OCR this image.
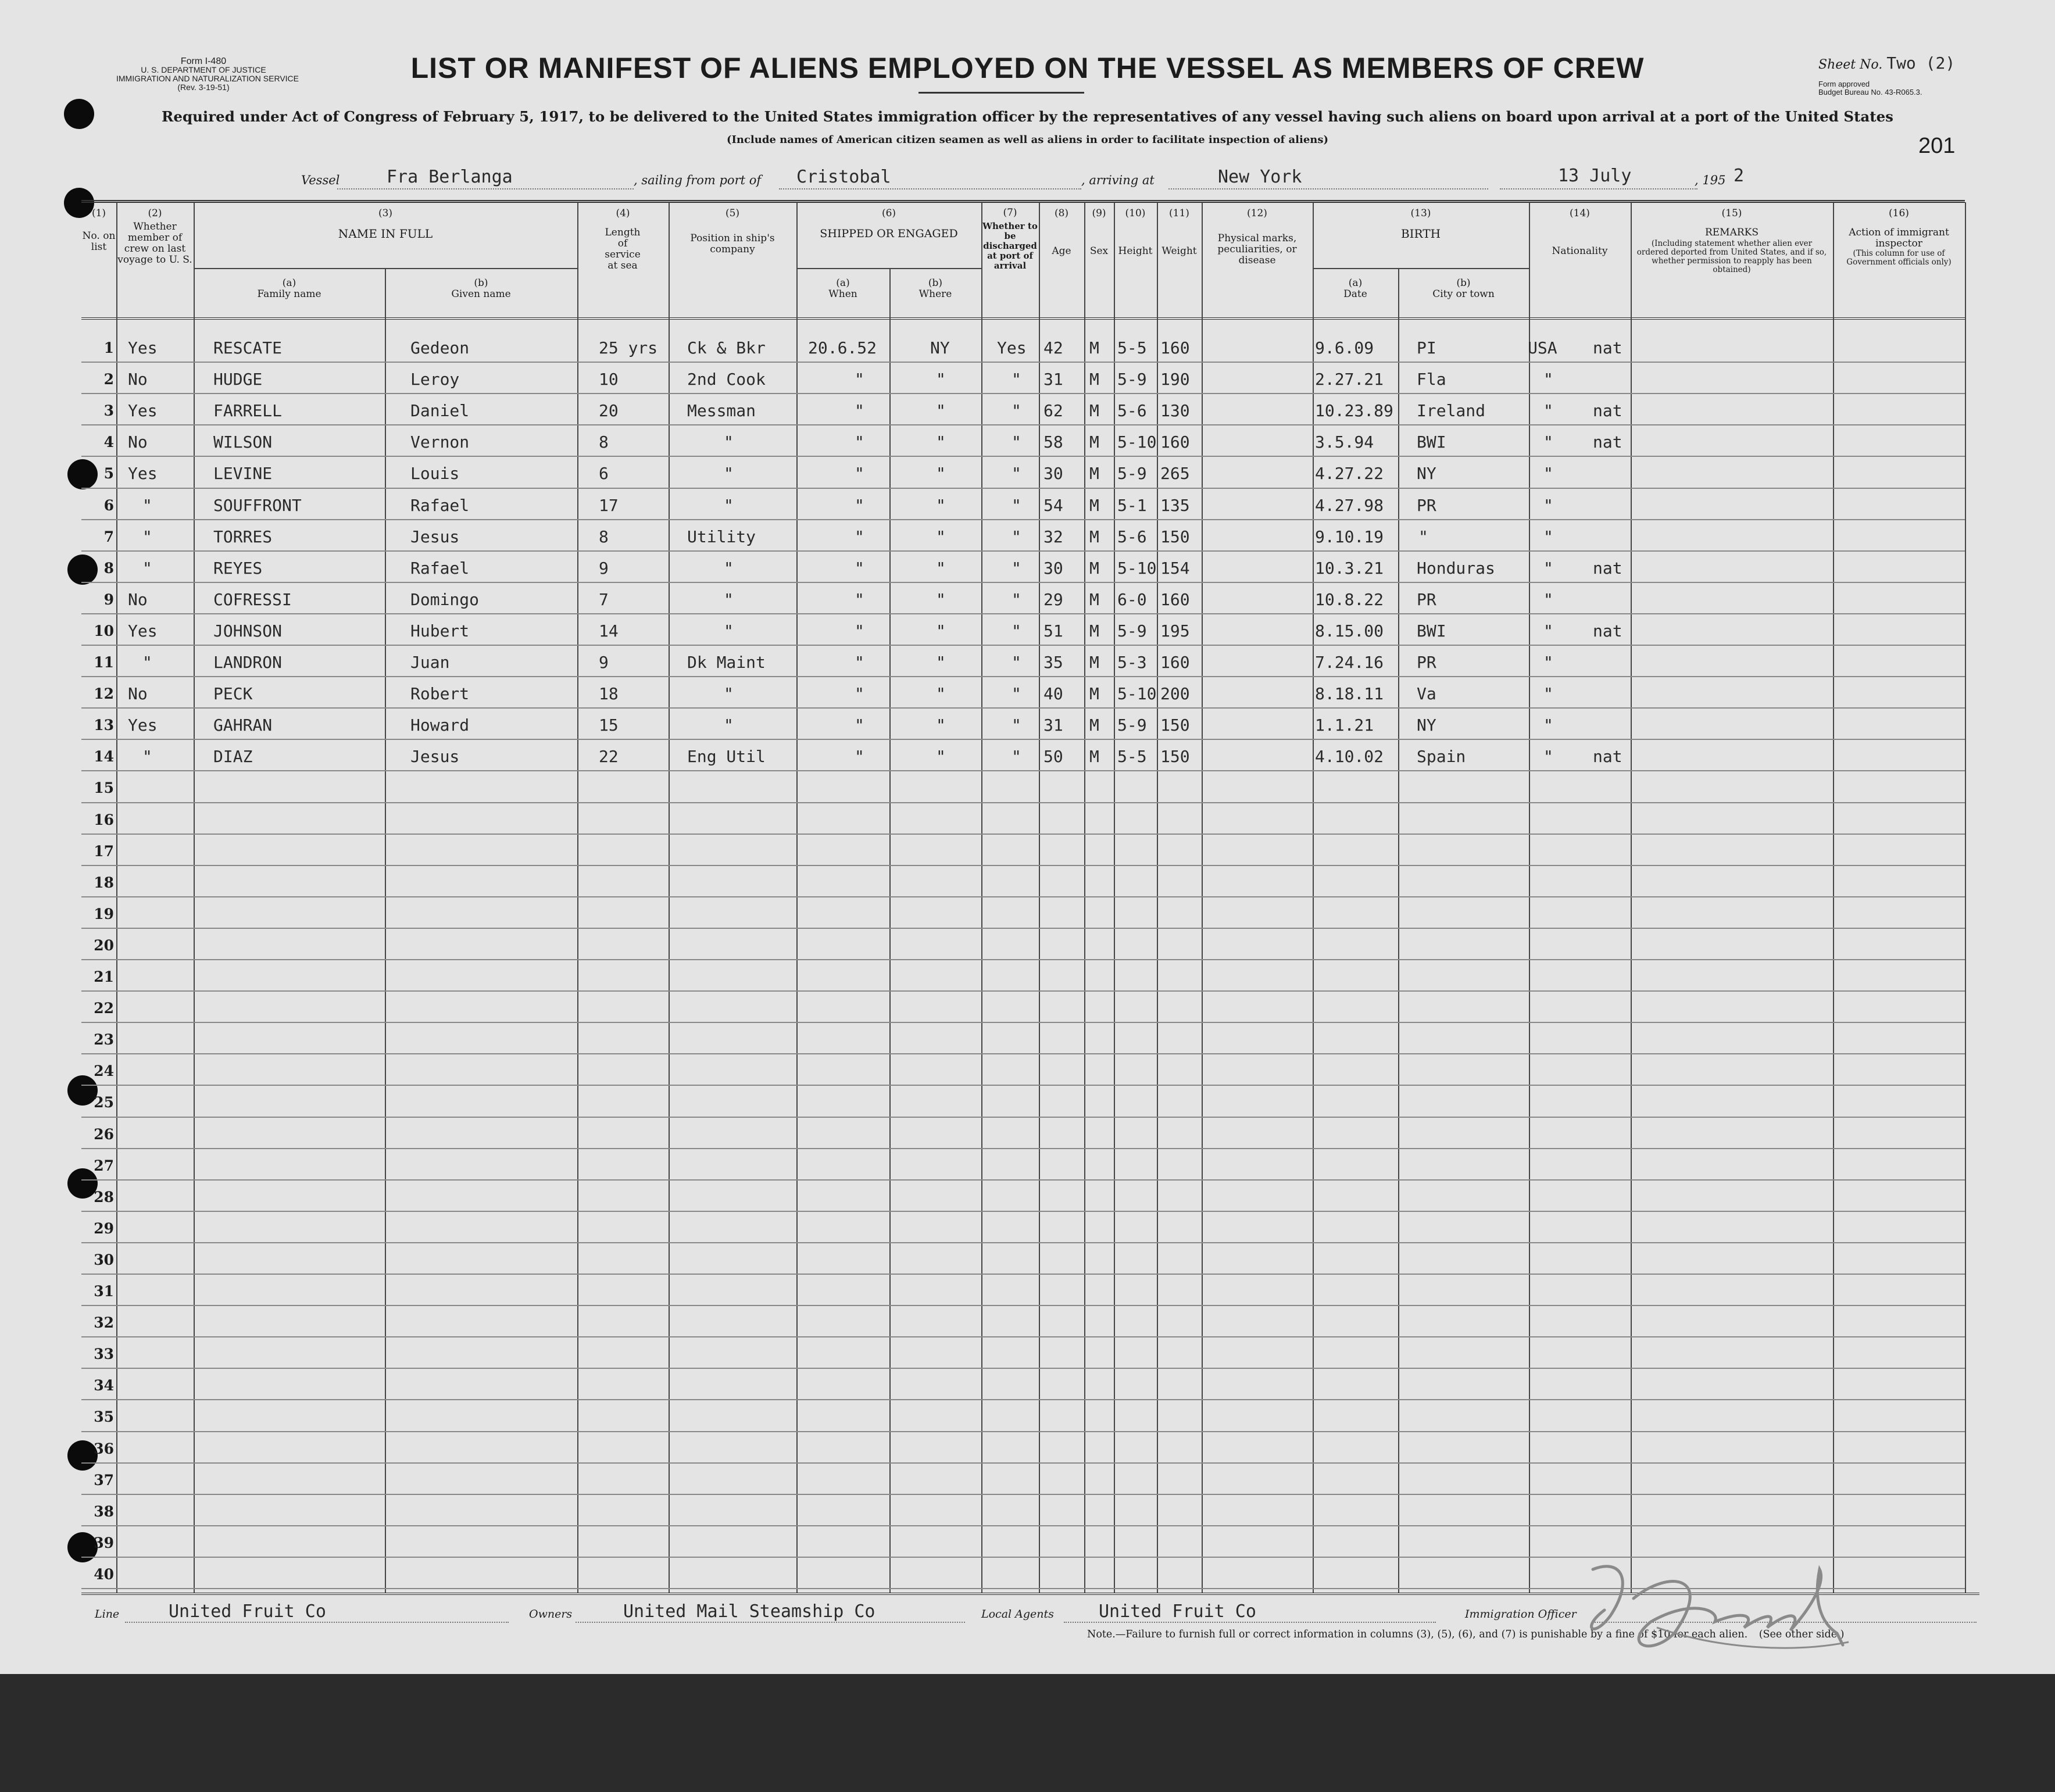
Form I-480
U. S. DEPARTMENT OF JUSTICE
IMMIGRATION AND NATURALIZATION SERVICE
(Rev. 3-19-51)
LIST OR MANIFEST OF ALIENS EMPLOYED ON THE VESSEL AS MEMBERS OF CREW	Sheet No. Two (2)
Form approved
Budget Bureau No. 43-R065.3.
201
Required under Act of Congress of February 5, 1917, to be delivered to the United States immigration officer by the representatives of any vessel having such aliens on board upon arrival at a port of the United States
(Include names of American citizen seamen as well as aliens in order to facilitate inspection of aliens)
Vessel	Fra Berlanga	, sailing from port of Cristobal	, arriving at	New York	13 July	, 195 2
(1)
No. on list
(2)
Whether member of crew on last voyage to U. S.
(3)
NAME IN FULL
(a)
Family name
(b)
Given name
(4)
Length of service at sea
(5)
Position in ship's company
(6)
SHIPPED OR ENGAGED
(a)
When
(b)
Where
(7)
Whether to be discharged at port of arrival
(8)
Age
(9)
Sex
(10)
Height
(11)
Weight
(12)
Physical marks, peculiarities, or disease
(13)
BIRTH
(a)
Date
(b)
City or town
(14)
Nationality
(15)
REMARKS
(Including statement whether alien ever ordered deported from United States, and if so, whether permission to reapply has been obtained)
(16)
Action of immigrant inspector
(This column for use of Government officials only)
1 Yes	RESCATE	Gedeon	25 yrs Ck & Bkr	20.6.52	NY	Yes 42 M 5-5 160	9.6.09	PI	USA nat
2 No	HUDGE	Leroy	10	2nd Cook	"	"	" 31 M 5-9 190	2.27.21 Fla	"
3 Yes	FARRELL	Daniel	20	Messman	"	"	" 62 M 5-6 130	10.23.89 Ireland	" nat
4 No	WILSON	Vernon	8	"	"	"	" 58 M 5-10 160	3.5.94	BWI	" nat
5 Yes	LEVINE	Louis	6	"	"	"	" 30 M 5-9 265	4.27.22 NY	"
6 "	SOUFFRONT	Rafael	17	"	"	"	" 54 M 5-1 135	4.27.98 PR	"
7 "	TORRES	Jesus	8	Utility	"	"	" 32 M 5-6 150	9.10.19 "	"
8 "	REYES	Rafael	9	"	"	"	" 30 M 5-10 154	10.3.21 Honduras	" nat
9 No	COFRESSI	Domingo	7	"	"	"	" 29 M 6-0 160	10.8.22 PR	"
10 Yes	JOHNSON	Hubert	14	"	"	"	" 51 M 5-9 195	8.15.00 BWI	" nat
11 "	LANDRON	Juan	9	Dk Maint	"	"	" 35 M 5-3 160	7.24.16 PR	"
12 No	PECK	Robert	18	"	"	"	" 40 M 5-10 200	8.18.11 Va	"
13 Yes	GAHRAN	Howard	15	"	"	"	" 31 M 5-9 150	1.1.21	NY	"
14 "	DIAZ	Jesus	22	Eng Util	"	"	" 50 M 5-5 150	4.10.02 Spain	" nat
15
16
17
18
19
20
21
22
23
24
25
26
27
28
29
30
31
32
33
34
35
36
37
38
39
40
Line	United Fruit Co	Owners	United Mail Steamship Co	Local Agents	United Fruit Co	Immigration Officer
Note.—Failure to furnish full or correct information in columns (3), (5), (6), and (7) is punishable by a fine of $10 for each alien. (See other side.)
